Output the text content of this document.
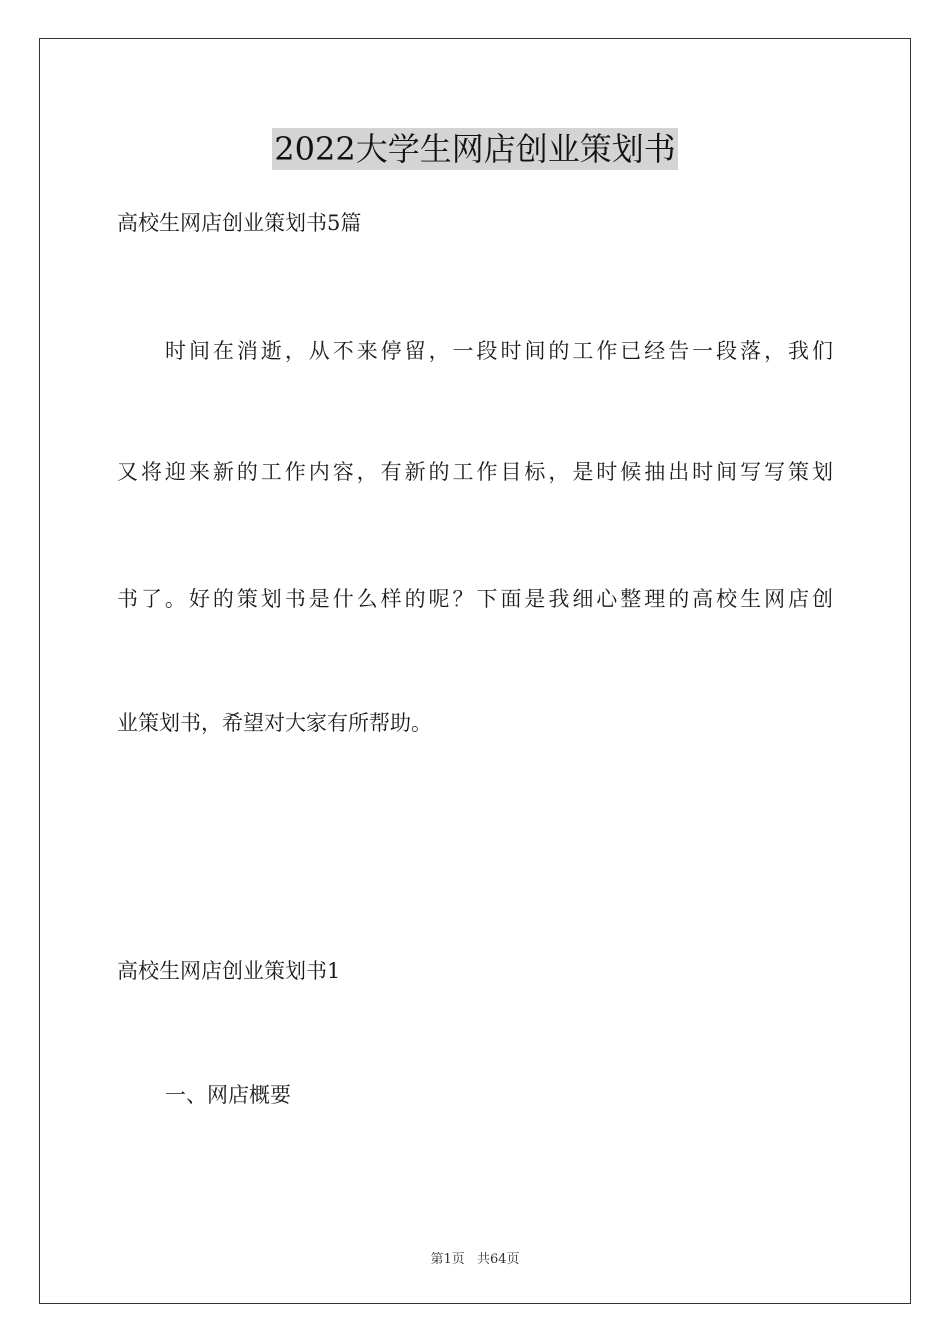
2022大学生网店创业策划书
高校生网店创业策划书5篇
时间在消逝，从不来停留，一段时间的工作已经告一段落，我们
又将迎来新的工作内容，有新的工作目标，是时候抽出时间写写策划
书了。好的策划书是什么样的呢？下面是我细心整理的高校生网店创
业策划书，希望对大家有所帮助。
高校生网店创业策划书1
一、网店概要
第1页 共64页
